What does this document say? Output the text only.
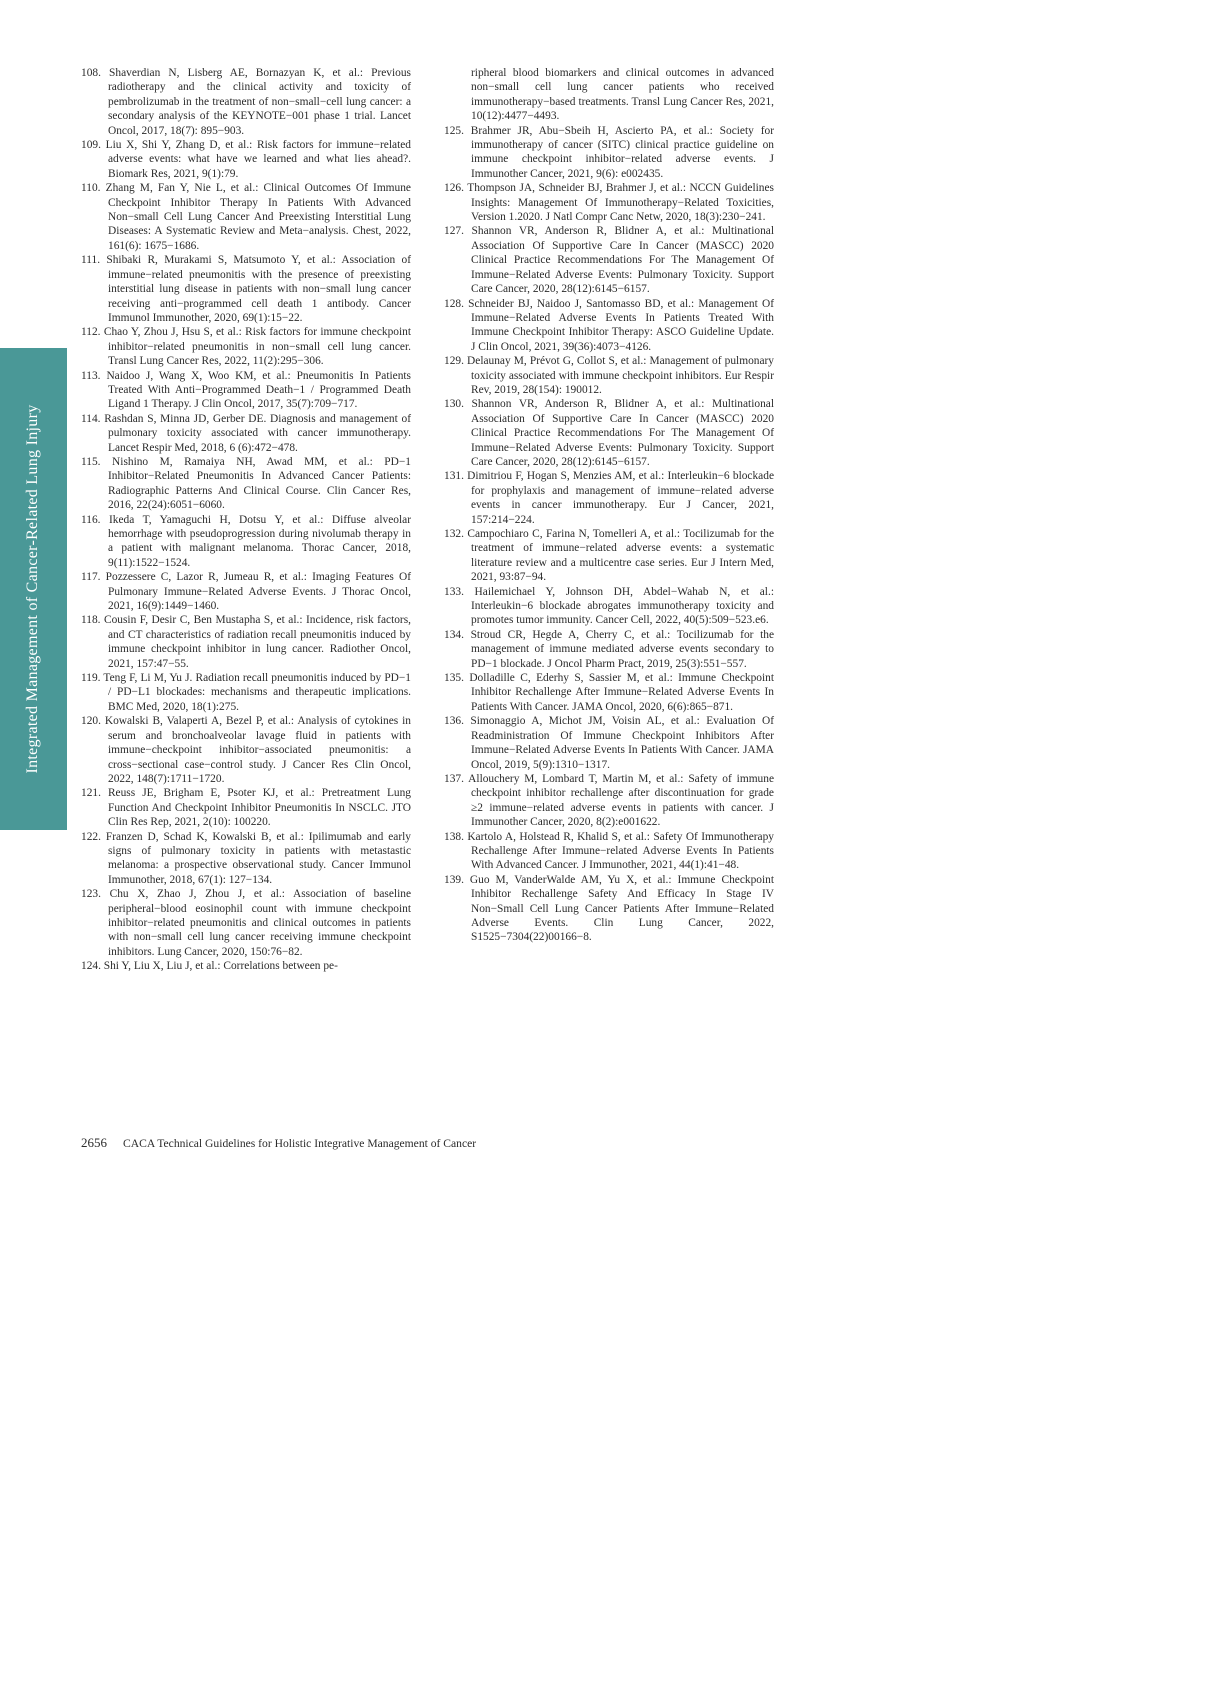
Integrated Management of Cancer-Related Lung Injury
108. Shaverdian N, Lisberg AE, Bornazyan K, et al.: Previous radiotherapy and the clinical activity and toxicity of pembrolizumab in the treatment of non−small−cell lung cancer: a secondary analysis of the KEYNOTE−001 phase 1 trial. Lancet Oncol, 2017, 18(7): 895−903.
109. Liu X, Shi Y, Zhang D, et al.: Risk factors for immune−related adverse events: what have we learned and what lies ahead?. Biomark Res, 2021, 9(1):79.
110. Zhang M, Fan Y, Nie L, et al.: Clinical Outcomes Of Immune Checkpoint Inhibitor Therapy In Patients With Advanced Non−small Cell Lung Cancer And Preexisting Interstitial Lung Diseases: A Systematic Review and Meta−analysis. Chest, 2022, 161(6): 1675−1686.
111. Shibaki R, Murakami S, Matsumoto Y, et al.: Association of immune−related pneumonitis with the presence of preexisting interstitial lung disease in patients with non−small lung cancer receiving anti−programmed cell death 1 antibody. Cancer Immunol Immunother, 2020, 69(1):15−22.
112. Chao Y, Zhou J, Hsu S, et al.: Risk factors for immune checkpoint inhibitor−related pneumonitis in non−small cell lung cancer. Transl Lung Cancer Res, 2022, 11(2):295−306.
113. Naidoo J, Wang X, Woo KM, et al.: Pneumonitis In Patients Treated With Anti−Programmed Death−1 / Programmed Death Ligand 1 Therapy. J Clin Oncol, 2017, 35(7):709−717.
114. Rashdan S, Minna JD, Gerber DE. Diagnosis and management of pulmonary toxicity associated with cancer immunotherapy. Lancet Respir Med, 2018, 6 (6):472−478.
115. Nishino M, Ramaiya NH, Awad MM, et al.: PD−1 Inhibitor−Related Pneumonitis In Advanced Cancer Patients: Radiographic Patterns And Clinical Course. Clin Cancer Res, 2016, 22(24):6051−6060.
116. Ikeda T, Yamaguchi H, Dotsu Y, et al.: Diffuse alveolar hemorrhage with pseudoprogression during nivolumab therapy in a patient with malignant melanoma. Thorac Cancer, 2018, 9(11):1522−1524.
117. Pozzessere C, Lazor R, Jumeau R, et al.: Imaging Features Of Pulmonary Immune−Related Adverse Events. J Thorac Oncol, 2021, 16(9):1449−1460.
118. Cousin F, Desir C, Ben Mustapha S, et al.: Incidence, risk factors, and CT characteristics of radiation recall pneumonitis induced by immune checkpoint inhibitor in lung cancer. Radiother Oncol, 2021, 157:47−55.
119. Teng F, Li M, Yu J. Radiation recall pneumonitis induced by PD−1 / PD−L1 blockades: mechanisms and therapeutic implications. BMC Med, 2020, 18(1):275.
120. Kowalski B, Valaperti A, Bezel P, et al.: Analysis of cytokines in serum and bronchoalveolar lavage fluid in patients with immune−checkpoint inhibitor−associated pneumonitis: a cross−sectional case−control study. J Cancer Res Clin Oncol, 2022, 148(7):1711−1720.
121. Reuss JE, Brigham E, Psoter KJ, et al.: Pretreatment Lung Function And Checkpoint Inhibitor Pneumonitis In NSCLC. JTO Clin Res Rep, 2021, 2(10): 100220.
122. Franzen D, Schad K, Kowalski B, et al.: Ipilimumab and early signs of pulmonary toxicity in patients with metastastic melanoma: a prospective observational study. Cancer Immunol Immunother, 2018, 67(1): 127−134.
123. Chu X, Zhao J, Zhou J, et al.: Association of baseline peripheral−blood eosinophil count with immune checkpoint inhibitor−related pneumonitis and clinical outcomes in patients with non−small cell lung cancer receiving immune checkpoint inhibitors. Lung Cancer, 2020, 150:76−82.
124. Shi Y, Liu X, Liu J, et al.: Correlations between pe-
ripheral blood biomarkers and clinical outcomes in advanced non−small cell lung cancer patients who received immunotherapy−based treatments. Transl Lung Cancer Res, 2021, 10(12):4477−4493.
125. Brahmer JR, Abu−Sbeih H, Ascierto PA, et al.: Society for immunotherapy of cancer (SITC) clinical practice guideline on immune checkpoint inhibitor−related adverse events. J Immunother Cancer, 2021, 9(6): e002435.
126. Thompson JA, Schneider BJ, Brahmer J, et al.: NCCN Guidelines Insights: Management Of Immunotherapy−Related Toxicities, Version 1.2020. J Natl Compr Canc Netw, 2020, 18(3):230−241.
127. Shannon VR, Anderson R, Blidner A, et al.: Multinational Association Of Supportive Care In Cancer (MASCC) 2020 Clinical Practice Recommendations For The Management Of Immune−Related Adverse Events: Pulmonary Toxicity. Support Care Cancer, 2020, 28(12):6145−6157.
128. Schneider BJ, Naidoo J, Santomasso BD, et al.: Management Of Immune−Related Adverse Events In Patients Treated With Immune Checkpoint Inhibitor Therapy: ASCO Guideline Update. J Clin Oncol, 2021, 39(36):4073−4126.
129. Delaunay M, Prévot G, Collot S, et al.: Management of pulmonary toxicity associated with immune checkpoint inhibitors. Eur Respir Rev, 2019, 28(154): 190012.
130. Shannon VR, Anderson R, Blidner A, et al.: Multinational Association Of Supportive Care In Cancer (MASCC) 2020 Clinical Practice Recommendations For The Management Of Immune−Related Adverse Events: Pulmonary Toxicity. Support Care Cancer, 2020, 28(12):6145−6157.
131. Dimitriou F, Hogan S, Menzies AM, et al.: Interleukin−6 blockade for prophylaxis and management of immune−related adverse events in cancer immunotherapy. Eur J Cancer, 2021, 157:214−224.
132. Campochiaro C, Farina N, Tomelleri A, et al.: Tocilizumab for the treatment of immune−related adverse events: a systematic literature review and a multicentre case series. Eur J Intern Med, 2021, 93:87−94.
133. Hailemichael Y, Johnson DH, Abdel−Wahab N, et al.: Interleukin−6 blockade abrogates immunotherapy toxicity and promotes tumor immunity. Cancer Cell, 2022, 40(5):509−523.e6.
134. Stroud CR, Hegde A, Cherry C, et al.: Tocilizumab for the management of immune mediated adverse events secondary to PD−1 blockade. J Oncol Pharm Pract, 2019, 25(3):551−557.
135. Dolladille C, Ederhy S, Sassier M, et al.: Immune Checkpoint Inhibitor Rechallenge After Immune−Related Adverse Events In Patients With Cancer. JAMA Oncol, 2020, 6(6):865−871.
136. Simonaggio A, Michot JM, Voisin AL, et al.: Evaluation Of Readministration Of Immune Checkpoint Inhibitors After Immune−Related Adverse Events In Patients With Cancer. JAMA Oncol, 2019, 5(9):1310−1317.
137. Allouchery M, Lombard T, Martin M, et al.: Safety of immune checkpoint inhibitor rechallenge after discontinuation for grade ≥2 immune−related adverse events in patients with cancer. J Immunother Cancer, 2020, 8(2):e001622.
138. Kartolo A, Holstead R, Khalid S, et al.: Safety Of Immunotherapy Rechallenge After Immune−related Adverse Events In Patients With Advanced Cancer. J Immunother, 2021, 44(1):41−48.
139. Guo M, VanderWalde AM, Yu X, et al.: Immune Checkpoint Inhibitor Rechallenge Safety And Efficacy In Stage IV Non−Small Cell Lung Cancer Patients After Immune−Related Adverse Events. Clin Lung Cancer, 2022, S1525−7304(22)00166−8.
2656 CACA Technical Guidelines for Holistic Integrative Management of Cancer
